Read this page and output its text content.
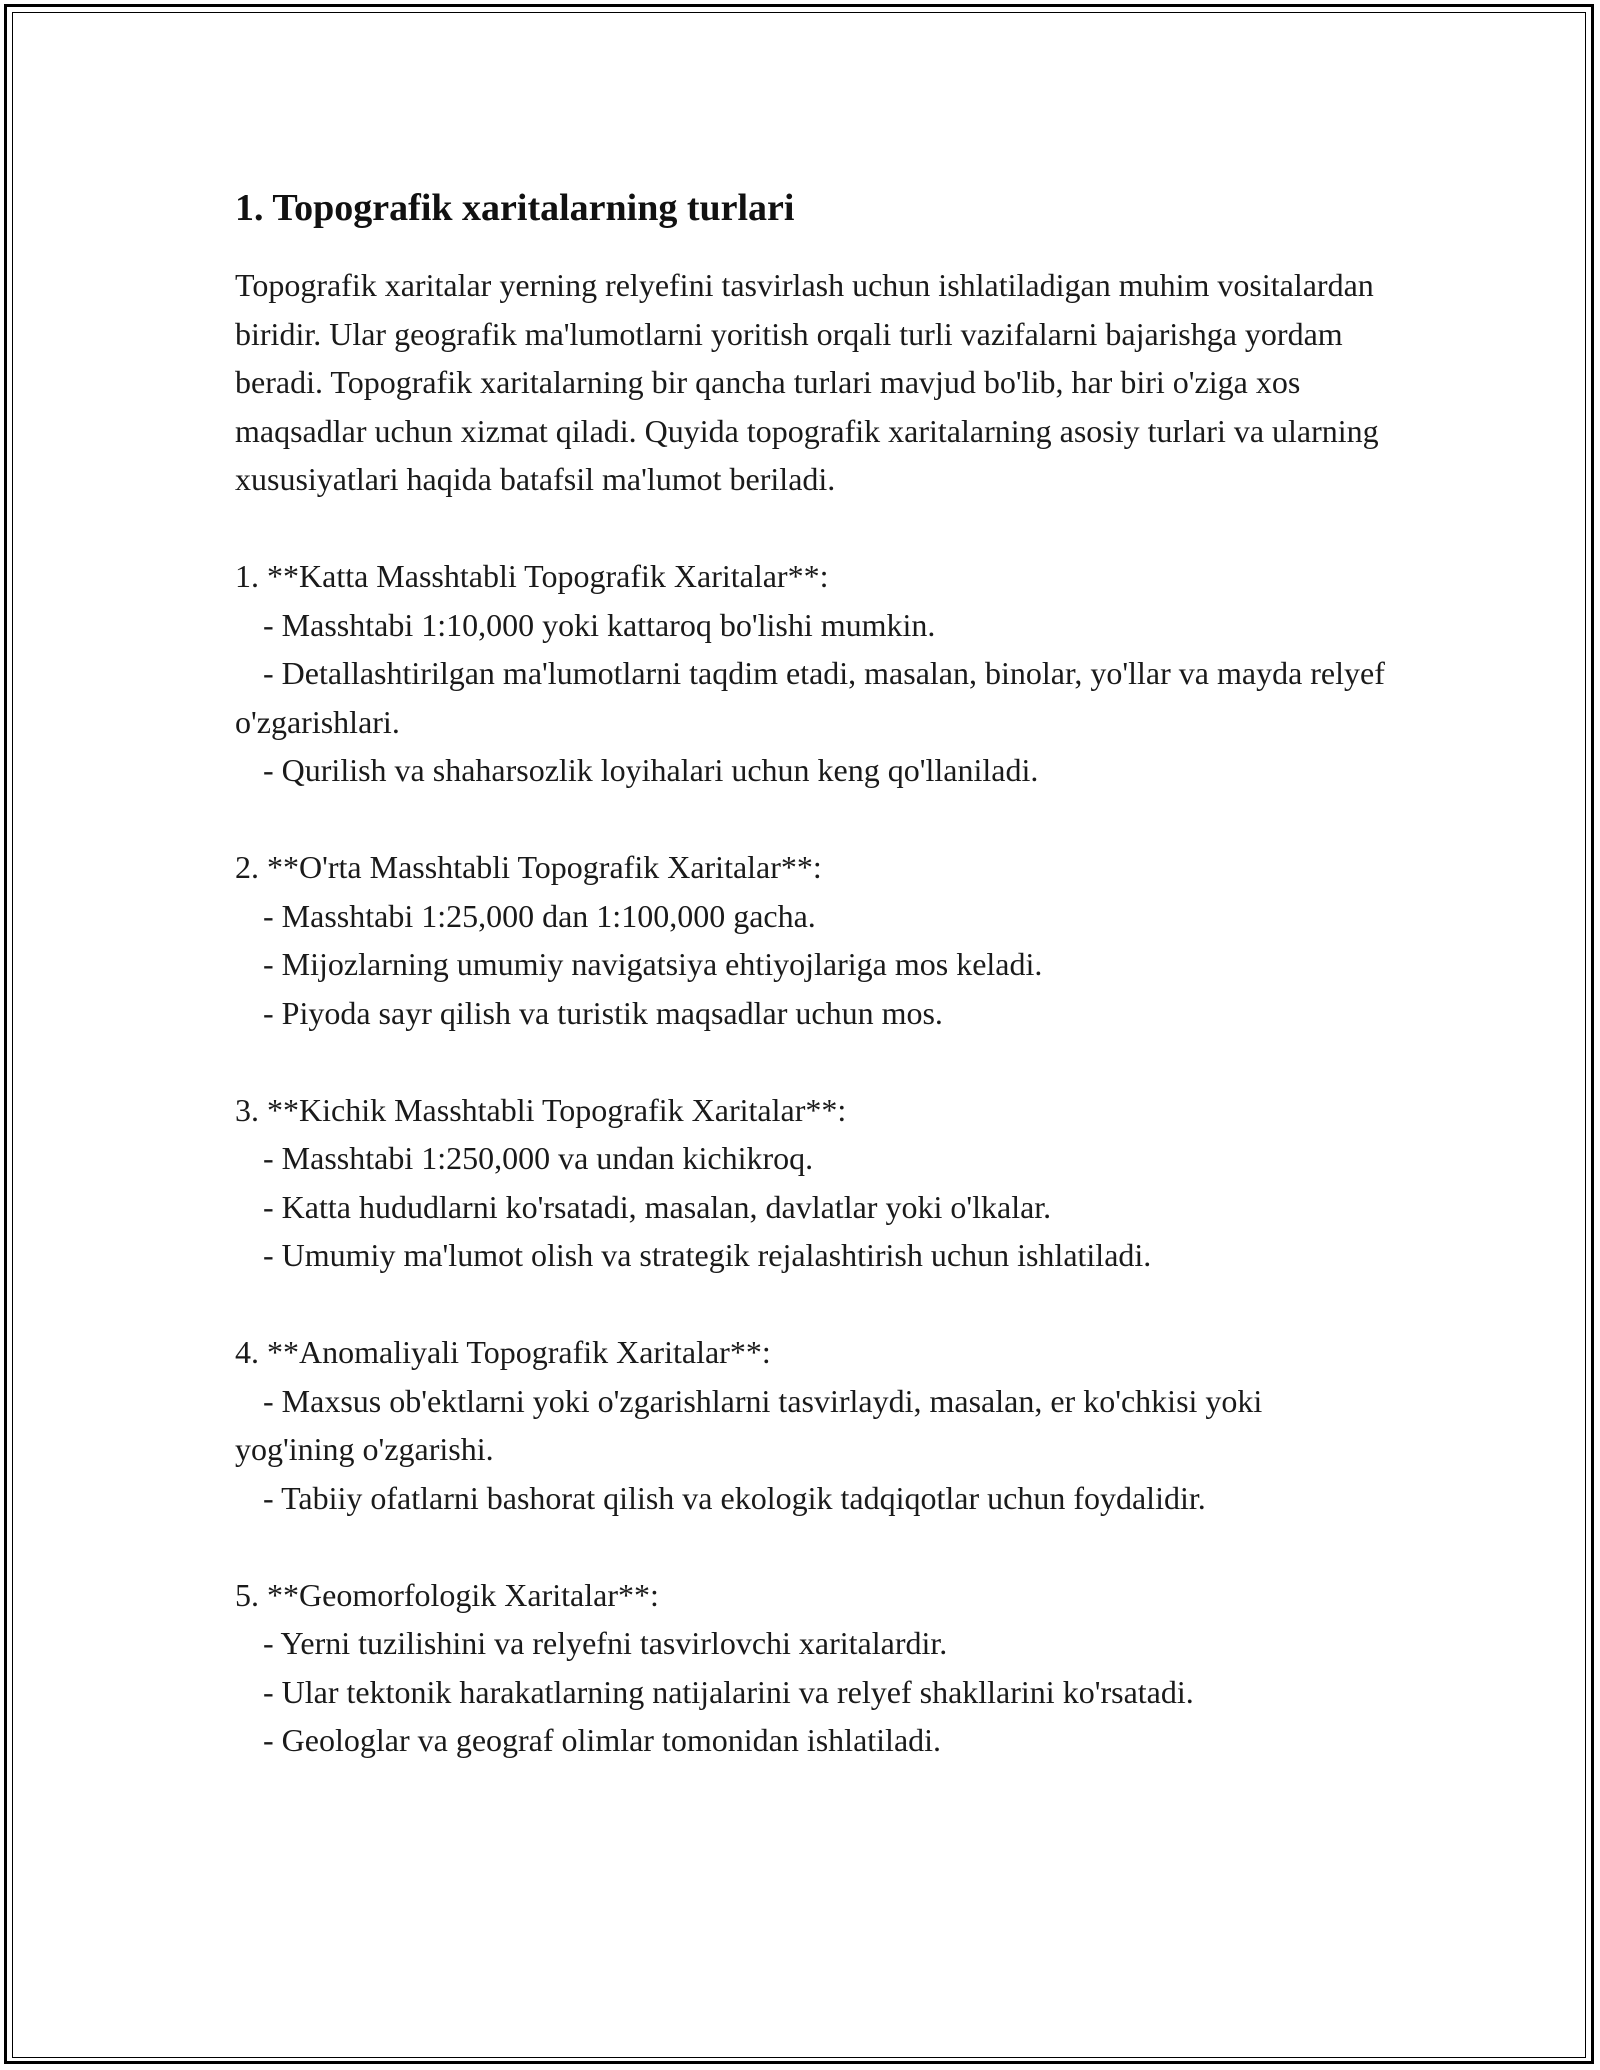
1. Topografik xaritalarning turlari

Topografik xaritalar yerning relyefini tasvirlash uchun ishlatiladigan muhim vositalardan biridir. Ular geografik ma'lumotlarni yoritish orqali turli vazifalarni bajarishga yordam beradi. Topografik xaritalarning bir qancha turlari mavjud bo'lib, har biri o'ziga xos maqsadlar uchun xizmat qiladi. Quyida topografik xaritalarning asosiy turlari va ularning xususiyatlari haqida batafsil ma'lumot beriladi.

1. **Katta Masshtabli Topografik Xaritalar**:

- Masshtabi 1:10,000 yoki kattaroq bo'lishi mumkin.

- Detallashtirilgan ma'lumotlarni taqdim etadi, masalan, binolar, yo'llar va mayda relyef o'zgarishlari.

- Qurilish va shaharsozlik loyihalari uchun keng qo'llaniladi.

2. **O'rta Masshtabli Topografik Xaritalar**:

- Masshtabi 1:25,000 dan 1:100,000 gacha.

- Mijozlarning umumiy navigatsiya ehtiyojlariga mos keladi.

- Piyoda sayr qilish va turistik maqsadlar uchun mos.

3. **Kichik Masshtabli Topografik Xaritalar**:

- Masshtabi 1:250,000 va undan kichikroq.

- Katta hududlarni ko'rsatadi, masalan, davlatlar yoki o'lkalar.

- Umumiy ma'lumot olish va strategik rejalashtirish uchun ishlatiladi.

4. **Anomaliyali Topografik Xaritalar**:

- Maxsus ob'ektlarni yoki o'zgarishlarni tasvirlaydi, masalan, er ko'chkisi yoki yog'ining o'zgarishi.

- Tabiiy ofatlarni bashorat qilish va ekologik tadqiqotlar uchun foydalidir.

5. **Geomorfologik Xaritalar**:

- Yerni tuzilishini va relyefni tasvirlovchi xaritalardir.

- Ular tektonik harakatlarning natijalarini va relyef shakllarini ko'rsatadi.

- Geologlar va geograf olimlar tomonidan ishlatiladi.
